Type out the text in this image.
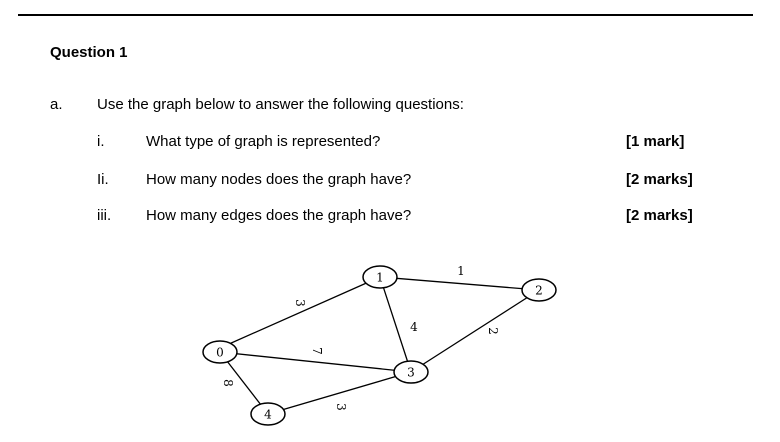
Question 1
a. Use the graph below to answer the following questions:
i.	What type of graph is represented?	[1 mark]
Ii. How many nodes does the graph have?	[2 marks]
iii. How many edges does the graph have?	[2 marks]
0
1
2
3
4
3
1
4	2
7
8
3
